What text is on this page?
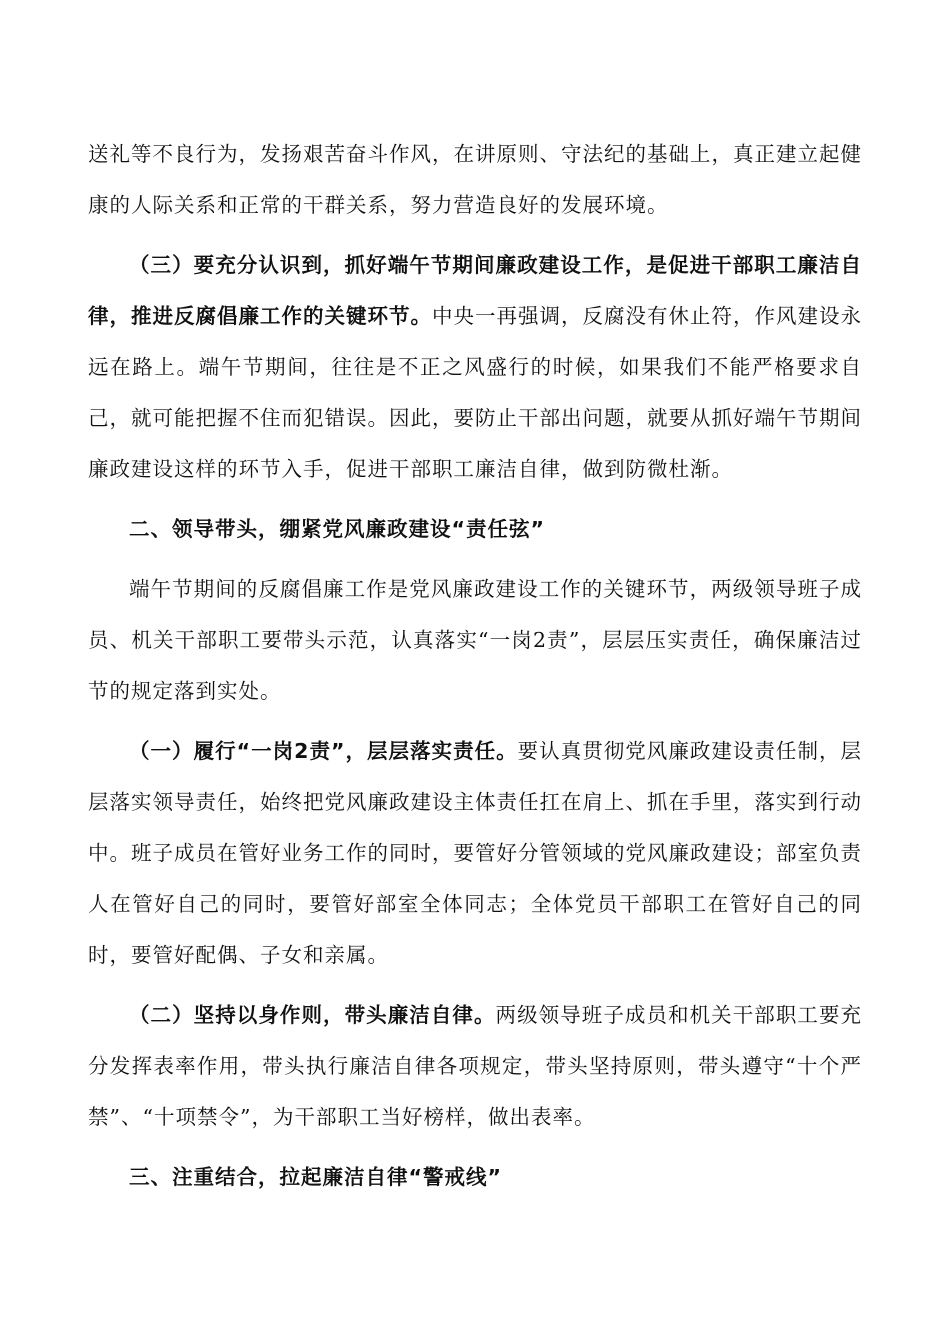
送礼等不良行为，发扬艰苦奋斗作风，在讲原则、守法纪的基础上，真正建立起健康的人际关系和正常的干群关系，努力营造良好的发展环境。

（三）要充分认识到，抓好端午节期间廉政建设工作，是促进干部职工廉洁自律，推进反腐倡廉工作的关键环节。中央一再强调，反腐没有休止符，作风建设永远在路上。端午节期间，往往是不正之风盛行的时候，如果我们不能严格要求自己，就可能把握不住而犯错误。因此，要防止干部出问题，就要从抓好端午节期间廉政建设这样的环节入手，促进干部职工廉洁自律，做到防微杜渐。

二、领导带头，绷紧党风廉政建设“责任弦”

端午节期间的反腐倡廉工作是党风廉政建设工作的关键环节，两级领导班子成员、机关干部职工要带头示范，认真落实“一岗2责”，层层压实责任，确保廉洁过节的规定落到实处。

（一）履行“一岗2责”，层层落实责任。要认真贯彻党风廉政建设责任制，层层落实领导责任，始终把党风廉政建设主体责任扛在肩上、抓在手里，落实到行动中。班子成员在管好业务工作的同时，要管好分管领域的党风廉政建设；部室负责人在管好自己的同时，要管好部室全体同志；全体党员干部职工在管好自己的同时，要管好配偶、子女和亲属。

（二）坚持以身作则，带头廉洁自律。两级领导班子成员和机关干部职工要充分发挥表率作用，带头执行廉洁自律各项规定，带头坚持原则，带头遵守“十个严禁”、“十项禁令”，为干部职工当好榜样，做出表率。

三、注重结合，拉起廉洁自律“警戒线”
